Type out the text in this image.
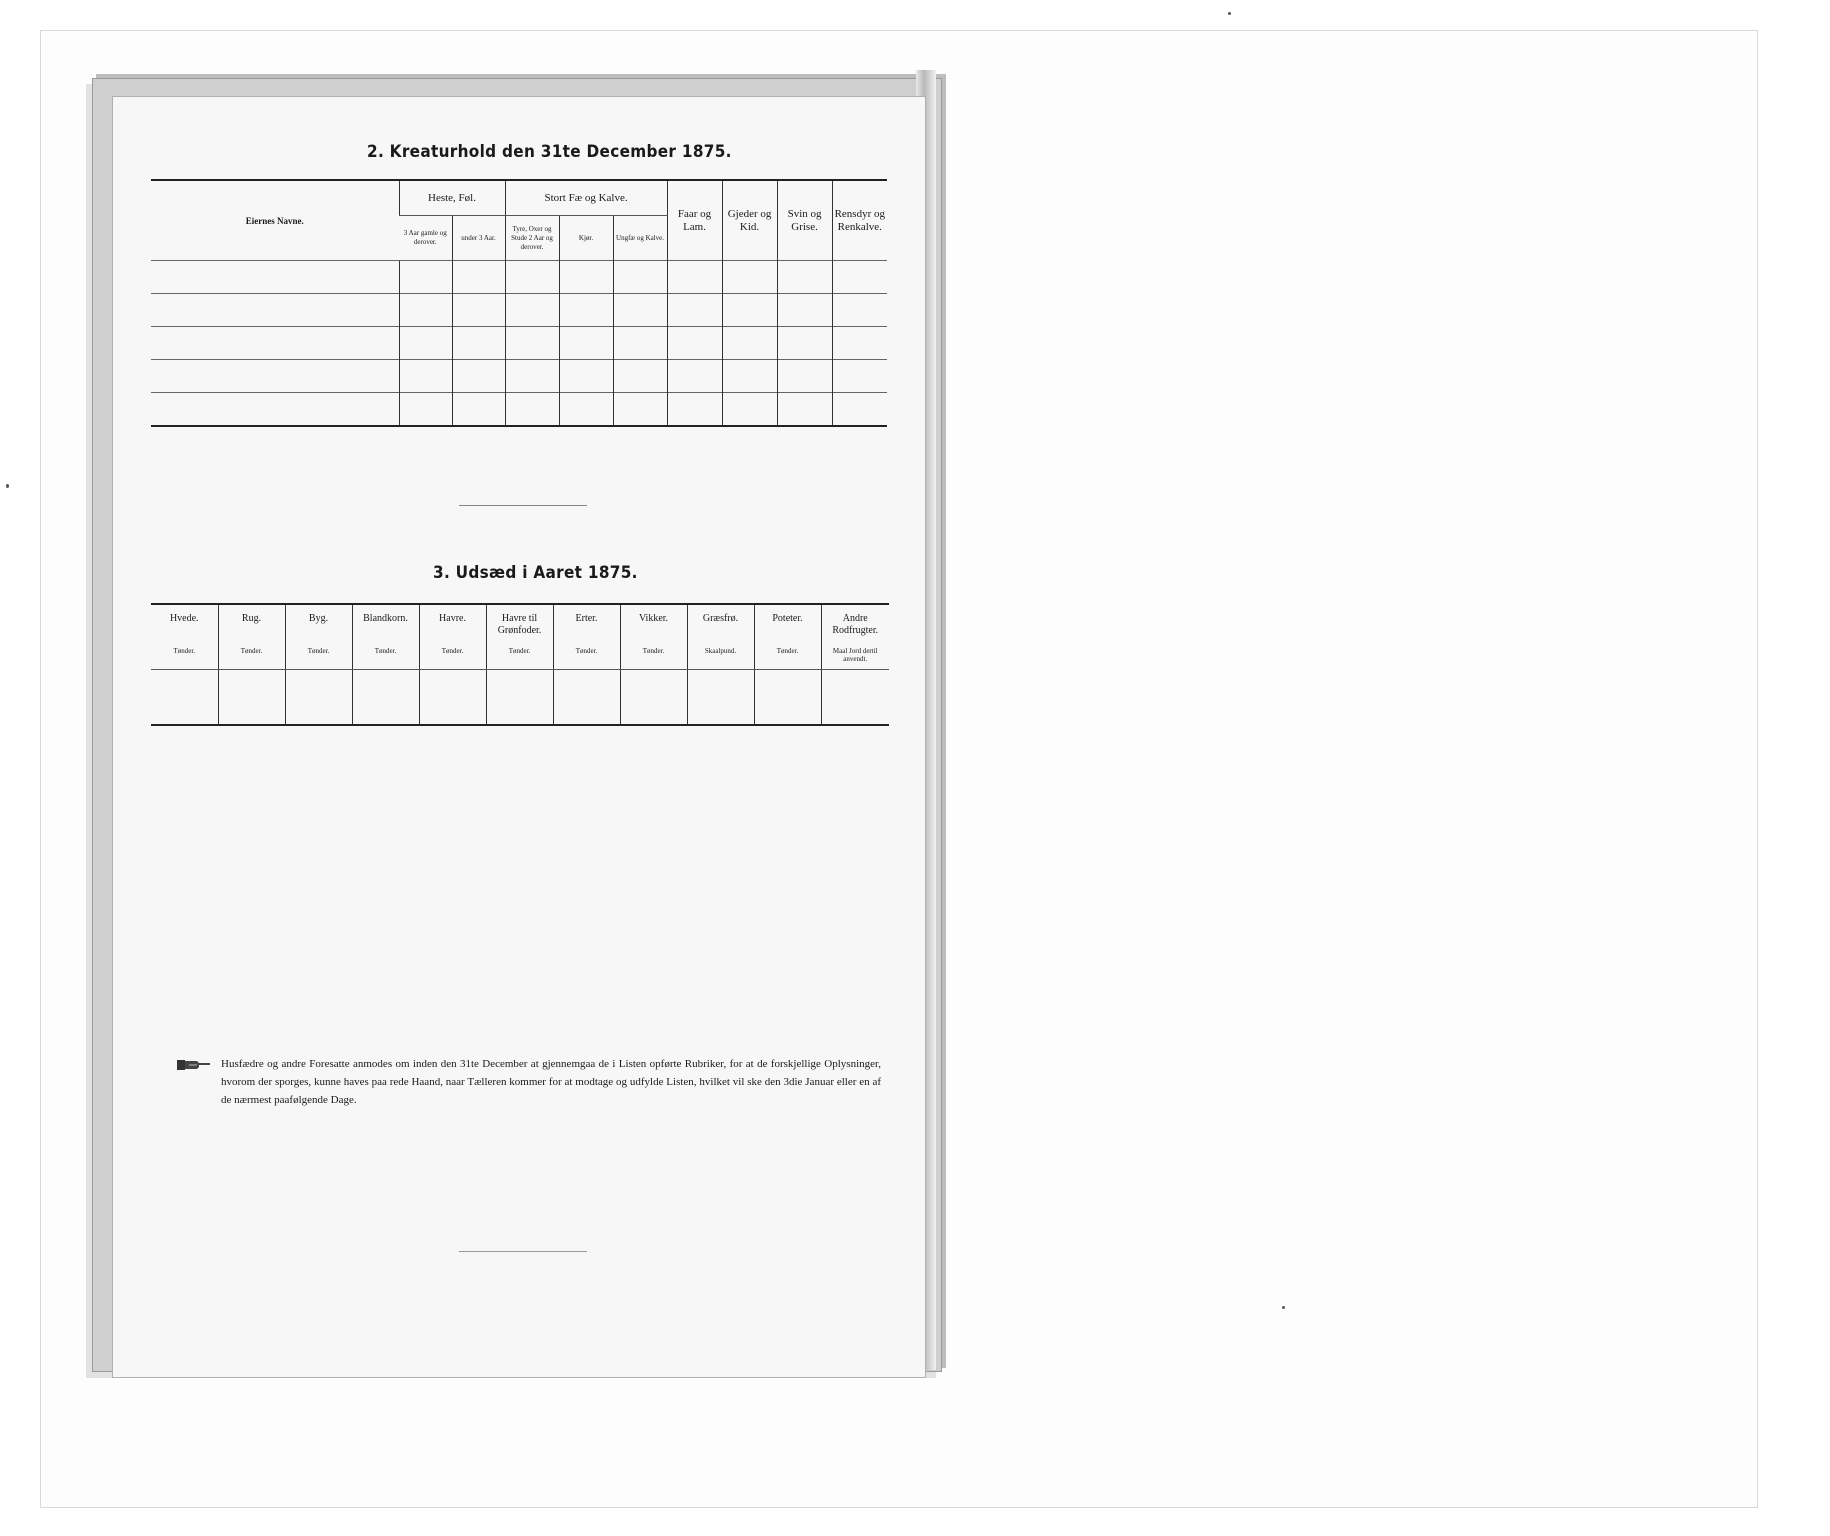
2. Kreaturhold den 31te December 1875.
Eiernes Navne.	Heste, Føl.		Stort Fæ og Kalve.			Faar og Lam.	Gjeder og Kid.	Svin og Grise.	Rensdyr og Renkalve.
	3 Aar gamle og derover.	under 3 Aar.	Tyre, Oxer og Stude 2 Aar og derover.	Kjør.	Ungfæ og Kalve.				

3. Udsæd i Aaret 1875.
Hvede.	Rug.	Byg.	Blandkorn.	Havre.	Havre til Grønfoder.	Erter.	Vikker.	Græsfrø.	Poteter.	Andre Rodfrugter.
Tønder.	Tønder.	Tønder.	Tønder.	Tønder.	Tønder.	Tønder.	Tønder.	Skaalpund.	Tønder.	Maal Jord dertil anvendt.

Husfædre og andre Foresatte anmodes om inden den 31te December at gjennemgaa de i Listen opførte Rubriker, for at de forskjellige Oplysninger, hvorom der sporges, kunne haves paa rede Haand, naar Tælleren kommer for at modtage og udfylde Listen, hvilket vil ske den 3die Januar eller en af de nærmest paafølgende Dage.
